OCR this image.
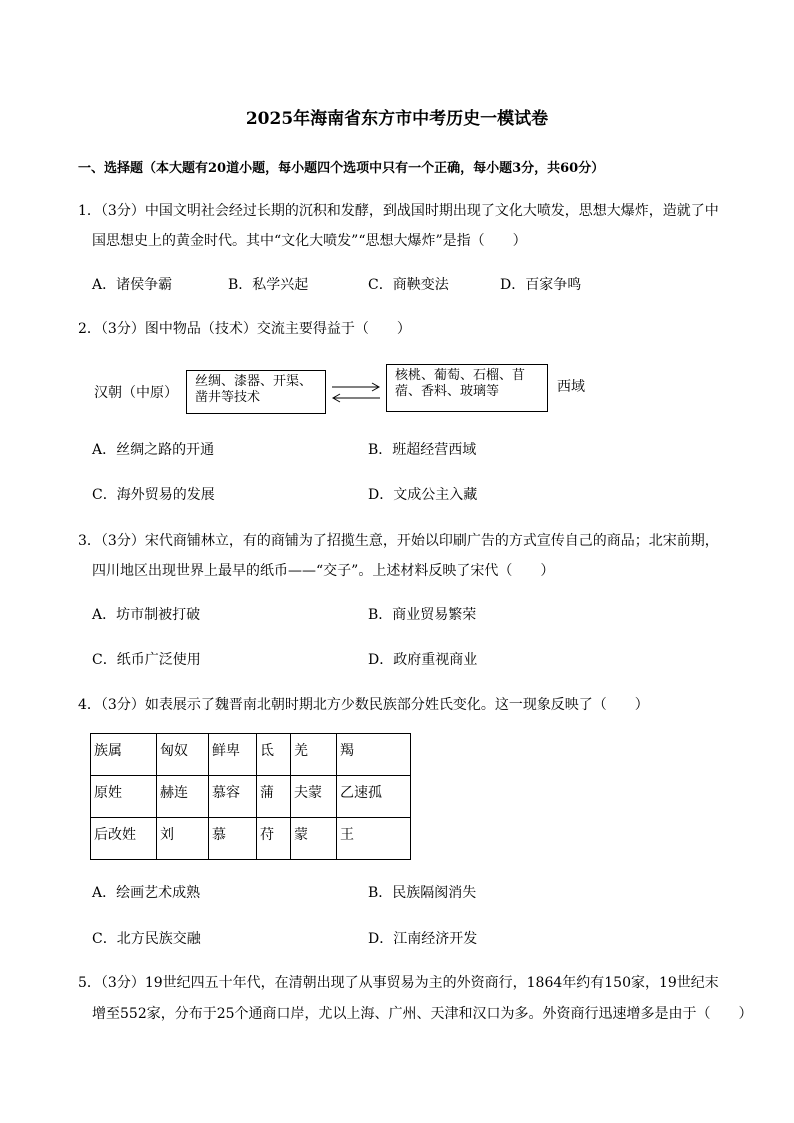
2025年海南省东方市中考历史一模试卷
一、选择题（本大题有20道小题，每小题四个选项中只有一个正确，每小题3分，共60分）
1．（3分）中国文明社会经过长期的沉积和发酵，到战国时期出现了文化大喷发，思想大爆炸，造就了中
国思想史上的黄金时代。其中“文化大喷发”“思想大爆炸”是指（　　）
A．诸侯争霸	B．私学兴起	C．商鞅变法	D．百家争鸣
2．（3分）图中物品（技术）交流主要得益于（　　）
汉朝（中原）
丝绸、漆器、开渠、凿井等技术
核桃、葡萄、石榴、苜蓿、香料、玻璃等	西域
A．丝绸之路的开通	B．班超经营西域
C．海外贸易的发展	D．文成公主入藏
3．（3分）宋代商铺林立，有的商铺为了招揽生意，开始以印刷广告的方式宣传自己的商品；北宋前期，
四川地区出现世界上最早的纸币——“交子”。上述材料反映了宋代（　　）
A．坊市制被打破	B．商业贸易繁荣
C．纸币广泛使用	D．政府重视商业
4．（3分）如表展示了魏晋南北朝时期北方少数民族部分姓氏变化。这一现象反映了（　　）
族属	匈奴	鲜卑	氐	羌	羯
原姓	赫连	慕容	蒲	夫蒙	乙速孤
后改姓	刘	慕	苻	蒙	王
A．绘画艺术成熟	B．民族隔阂消失
C．北方民族交融	D．江南经济开发
5．（3分）19世纪四五十年代，在清朝出现了从事贸易为主的外资商行，1864年约有150家，19世纪末
增至552家，分布于25个通商口岸，尤以上海、广州、天津和汉口为多。外资商行迅速增多是由于（　　）
